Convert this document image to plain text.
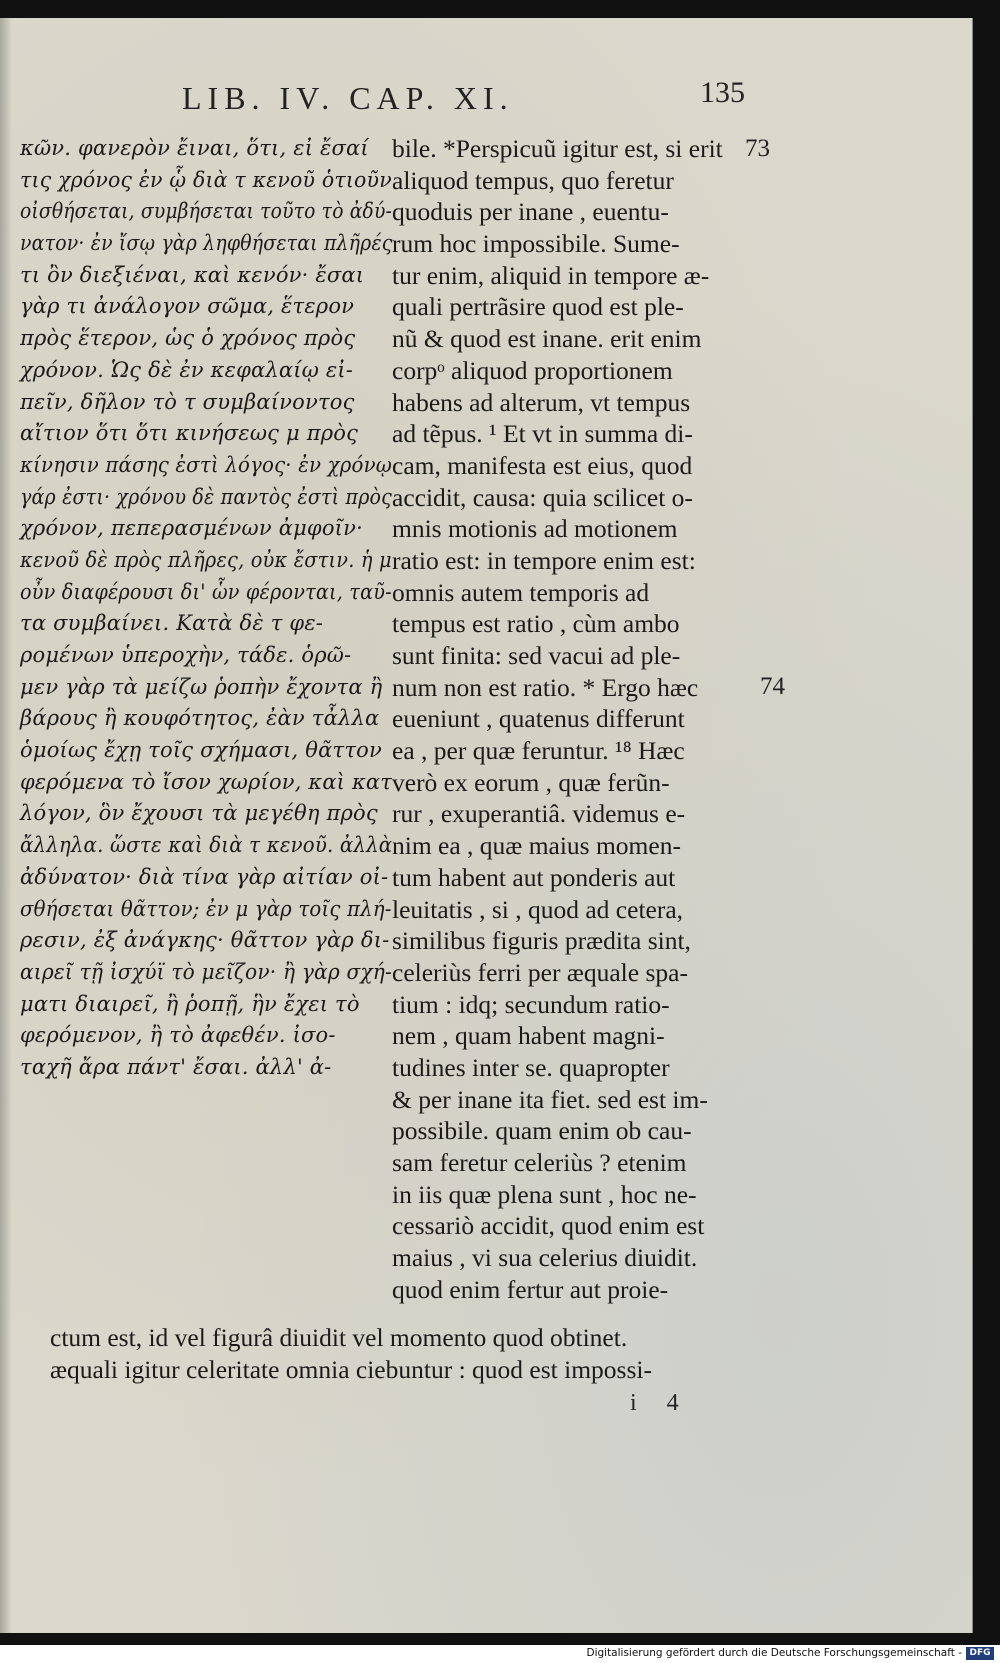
LIB. IV. CAP. XI.	135
73
74
κῶν. φανερὸν ἔιναι, ὅτι, εἰ ἔσαί
τις χρόνος ἐν ᾧ διὰ τ κενοῦ ὁτιοῦν
οἰσθήσεται, συμβήσεται τοῦτο τὸ ἀδύ-
νατον· ἐν ἴσῳ γὰρ ληφθήσεται πλῆρές
τι ὂν διεξιέναι, καὶ κενόν· ἔσαι
γὰρ τι ἀνάλογον σῶμα, ἕτερον
πρὸς ἕτερον, ὡς ὁ χρόνος πρὸς
χρόνον. Ὡς δὲ ἐν κεφαλαίῳ εἰ-
πεῖν, δῆλον τὸ τ συμβαίνοντος
αἴτιον ὅτι ὅτι κινήσεως μ πρὸς
κίνησιν πάσης ἐστὶ λόγος· ἐν χρόνῳ
γάρ ἐστι· χρόνου δὲ παντὸς ἐστὶ πρὸς
χρόνον, πεπερασμένων ἀμφοῖν·
κενοῦ δὲ πρὸς πλῆρες, οὐκ ἔστιν. ἡ μ
οὖν διαφέρουσι δι' ὧν φέρονται, ταῦ-
τα συμβαίνει. Κατὰ δὲ τ φε-
ρομένων ὑπεροχὴν, τάδε. ὁρῶ-
μεν γὰρ τὰ μείζω ῥοπὴν ἔχοντα ἢ
βάρους ἢ κουφότητος, ἐὰν τἆλλα
ὁμοίως ἔχῃ τοῖς σχήμασι, θᾶττον
φερόμενα τὸ ἴσον χωρίον, καὶ κατ
λόγον, ὃν ἔχουσι τὰ μεγέθη πρὸς
ἄλληλα. ὥστε καὶ διὰ τ κενοῦ. ἀλλὰ
ἀδύνατον· διὰ τίνα γὰρ αἰτίαν οἰ-
σθήσεται θᾶττον; ἐν μ γὰρ τοῖς πλή-
ρεσιν, ἐξ ἀνάγκης· θᾶττον γὰρ δι-
αιρεῖ τῇ ἰσχύϊ τὸ μεῖζον· ἢ γὰρ σχή-
ματι διαιρεῖ, ἢ ῥοπῇ, ἣν ἔχει τὸ
φερόμενον, ἢ τὸ ἀφεθέν. ἰσο-
ταχῆ ἄρα πάντ' ἔσαι. ἀλλ' ἀ-
bile. *Perspicuũ igitur est, si erit
aliquod tempus, quo feretur
quoduis per inane , euentu-
rum hoc impossibile. Sume-
tur enim, aliquid in tempore æ-
quali pertrãsire quod est ple-
nũ & quod est inane. erit enim
corpᵒ aliquod proportionem
habens ad alterum, vt tempus
ad tẽpus. ¹ Et vt in summa di-
cam, manifesta est eius, quod
accidit, causa: quia scilicet o-
mnis motionis ad motionem
ratio est: in tempore enim est:
omnis autem temporis ad
tempus est ratio , cùm ambo
sunt finita: sed vacui ad ple-
num non est ratio. * Ergo hæc
eueniunt , quatenus differunt
ea , per quæ feruntur. ¹⁸ Hæc
verò ex eorum , quæ ferũn-
rur , exuperantiâ. videmus e-
nim ea , quæ maius momen-
tum habent aut ponderis aut
leuitatis , si , quod ad cetera,
similibus figuris prædita sint,
celeriùs ferri per æquale spa-
tium : idq; secundum ratio-
nem , quam habent magni-
tudines inter se. quapropter
& per inane ita fiet. sed est im-
possibile. quam enim ob cau-
sam feretur celeriùs ? etenim
in iis quæ plena sunt , hoc ne-
cessariò accidit, quod enim est
maius , vi sua celerius diuidit.
quod enim fertur aut proie-
ctum est, id vel figurâ diuidit vel momento quod obtinet.
æquali igitur celeritate omnia ciebuntur : quod est impossi-
i 4
Digitalisierung gefördert durch die Deutsche Forschungsgemeinschaft - DFG
